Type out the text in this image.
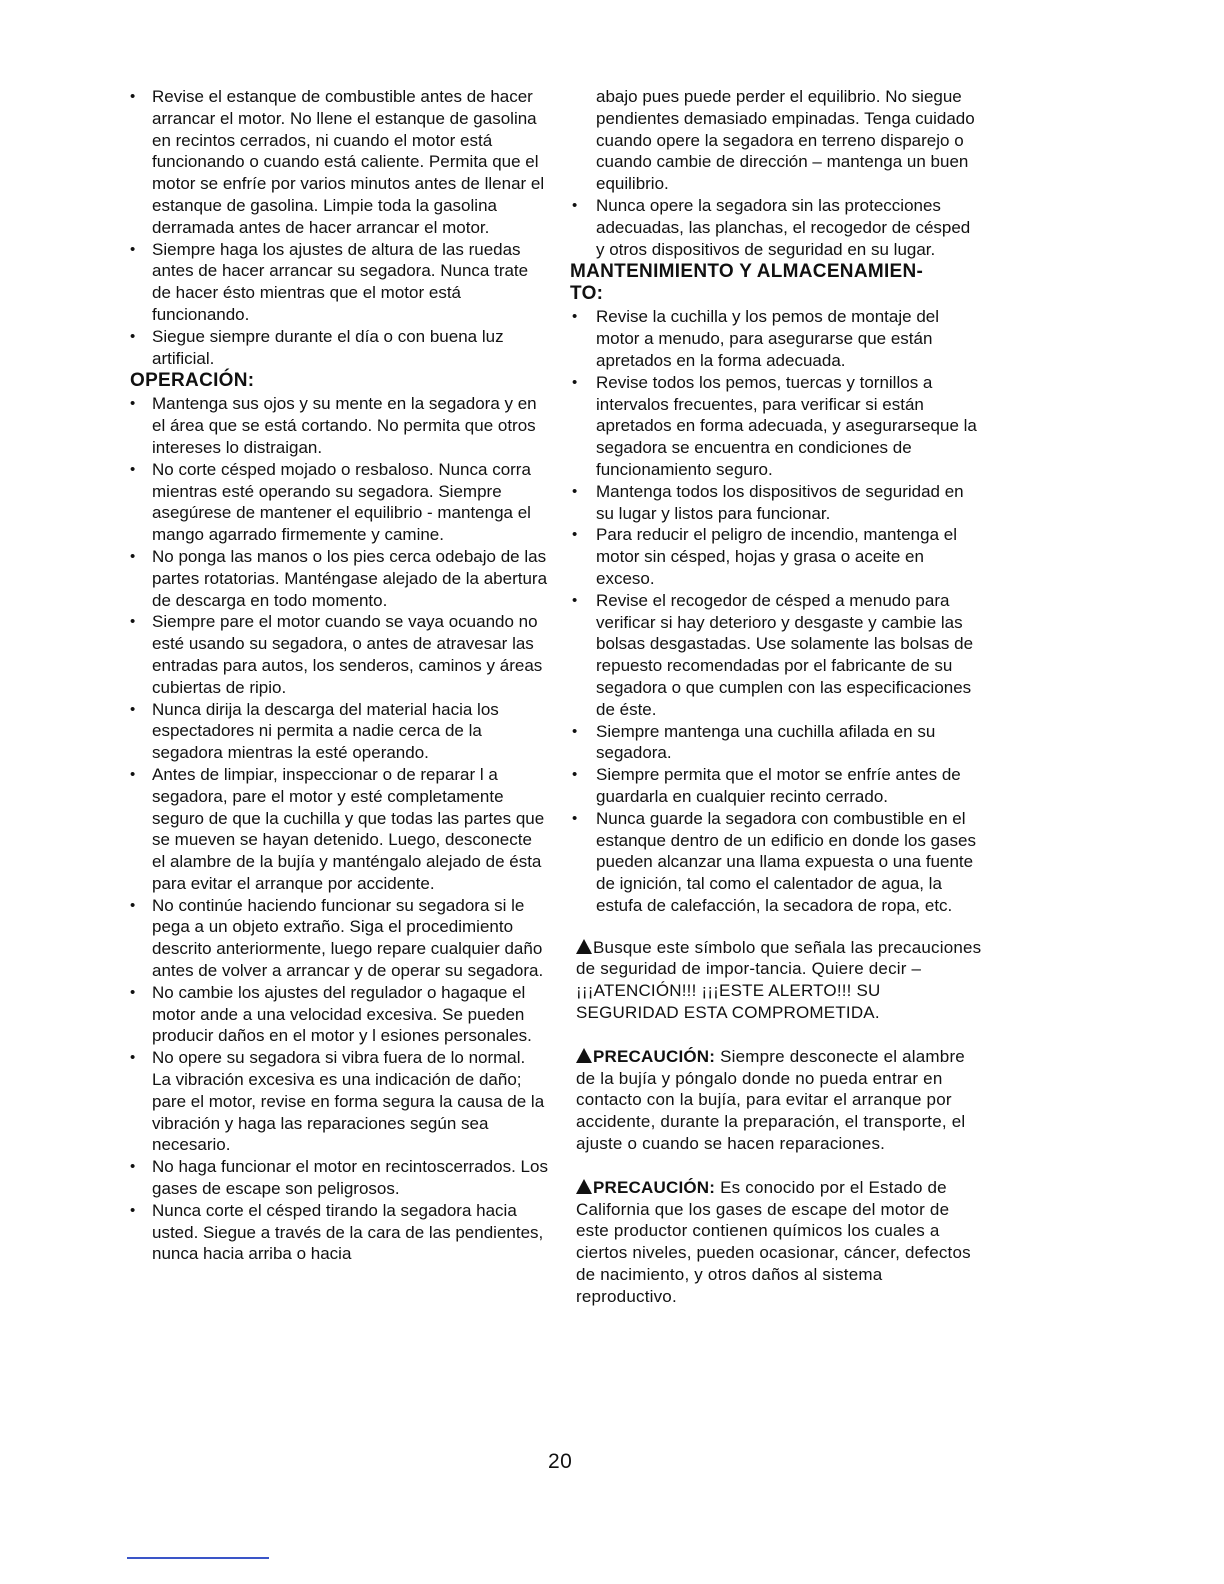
• Revise el estanque de combustible antes de hacer arrancar el motor. No llene el estanque de gasolina en recintos cerrados, ni cuando el motor está funcionando o cuando está caliente. Permita que el motor se enfríe por varios minutos antes de llenar el estanque de gasolina. Limpie toda la gasolina derramada antes de hacer arrancar el motor.
• Siempre haga los ajustes de altura de las ruedas antes de hacer arrancar su segadora. Nunca trate de hacer ésto mientras que el motor está funcionando.
• Siegue siempre durante el día o con buena luz artificial.
OPERACIÓN:
• Mantenga sus ojos y su mente en la segadora y en el área que se está cortando. No permita que otros intereses lo distraigan.
• No corte césped mojado o resbaloso. Nunca corra mientras esté operando su segadora. Siempre asegúrese de mantener el equilibrio - mantenga el mango agarrado firmemente y camine.
• No ponga las manos o los pies cerca odebajo de las partes rotatorias. Manténgase alejado de la abertura de descarga en todo momento.
• Siempre pare el motor cuando se vaya ocuando no esté usando su segadora, o antes de atravesar las entradas para autos, los senderos, caminos y áreas cubiertas de ripio.
• Nunca dirija la descarga del material hacia los espectadores ni permita a nadie cerca de la segadora mientras la esté operando.
• Antes de limpiar, inspeccionar o de reparar l a segadora, pare el motor y esté completamente seguro de que la cuchilla y que todas las partes que se mueven se hayan detenido. Luego, desconecte el alambre de la bujía y manténgalo alejado de ésta para evitar el arranque por accidente.
• No continúe haciendo funcionar su segadora si le pega a un objeto extraño. Siga el procedimiento descrito anteriormente, luego repare cualquier daño antes de volver a arrancar y de operar su segadora.
• No cambie los ajustes del regulador o hagaque el motor ande a una velocidad excesiva. Se pueden producir daños en el motor y l esiones personales.
• No opere su segadora si vibra fuera de lo normal. La vibración excesiva es una indicación de daño; pare el motor, revise en forma segura la causa de la vibración y haga las reparaciones según sea necesario.
• No haga funcionar el motor en recintoscerrados. Los gases de escape son peligrosos.
• Nunca corte el césped tirando la segadora hacia usted. Siegue a través de la cara de las pendientes, nunca hacia arriba o hacia
abajo pues puede perder el equilibrio. No siegue pendientes demasiado empinadas. Tenga cuidado cuando opere la segadora en terreno disparejo o cuando cambie de dirección – mantenga un buen equilibrio.
• Nunca opere la segadora sin las protecciones adecuadas, las planchas, el recogedor de césped y otros dispositivos de seguridad en su lugar.
MANTENIMIENTO Y ALMACENAMIEN-
TO:
• Revise la cuchilla y los pemos de montaje del motor a menudo, para asegurarse que están apretados en la forma adecuada.
• Revise todos los pemos, tuercas y tornillos a intervalos frecuentes, para verificar si están apretados en forma adecuada, y asegurarseque la segadora se encuentra en condiciones de funcionamiento seguro.
• Mantenga todos los dispositivos de seguridad en su lugar y listos para funcionar.
• Para reducir el peligro de incendio, mantenga el motor sin césped, hojas y grasa o aceite en exceso.
• Revise el recogedor de césped a menudo para verificar si hay deterioro y desgaste y cambie las bolsas desgastadas. Use solamente las bolsas de repuesto recomendadas por el fabricante de su segadora o que cumplen con las especificaciones de éste.
• Siempre mantenga una cuchilla afilada en su segadora.
• Siempre permita que el motor se enfríe antes de guardarla en cualquier recinto cerrado.
• Nunca guarde la segadora con combustible en el estanque dentro de un edificio en donde los gases pueden alcanzar una llama expuesta o una fuente de ignición, tal como el calentador de agua, la estufa de calefacción, la secadora de ropa, etc.
Busque este símbolo que señala las precauciones de seguridad de impor-tancia. Quiere decir – ¡¡¡ATENCIÓN!!! ¡¡¡ESTE ALERTO!!! SU SEGURIDAD ESTA COMPROMETIDA.
PRECAUCIÓN: Siempre desconecte el alambre de la bujía y póngalo donde no pueda entrar en contacto con la bujía, para evitar el arranque por accidente, durante la preparación, el transporte, el ajuste o cuando se hacen reparaciones.
PRECAUCIÓN: Es conocido por el Estado de California que los gases de escape del motor de este productor contienen químicos los cuales a ciertos niveles, pueden ocasionar, cáncer, defectos de nacimiento, y otros daños al sistema reproductivo.
20
